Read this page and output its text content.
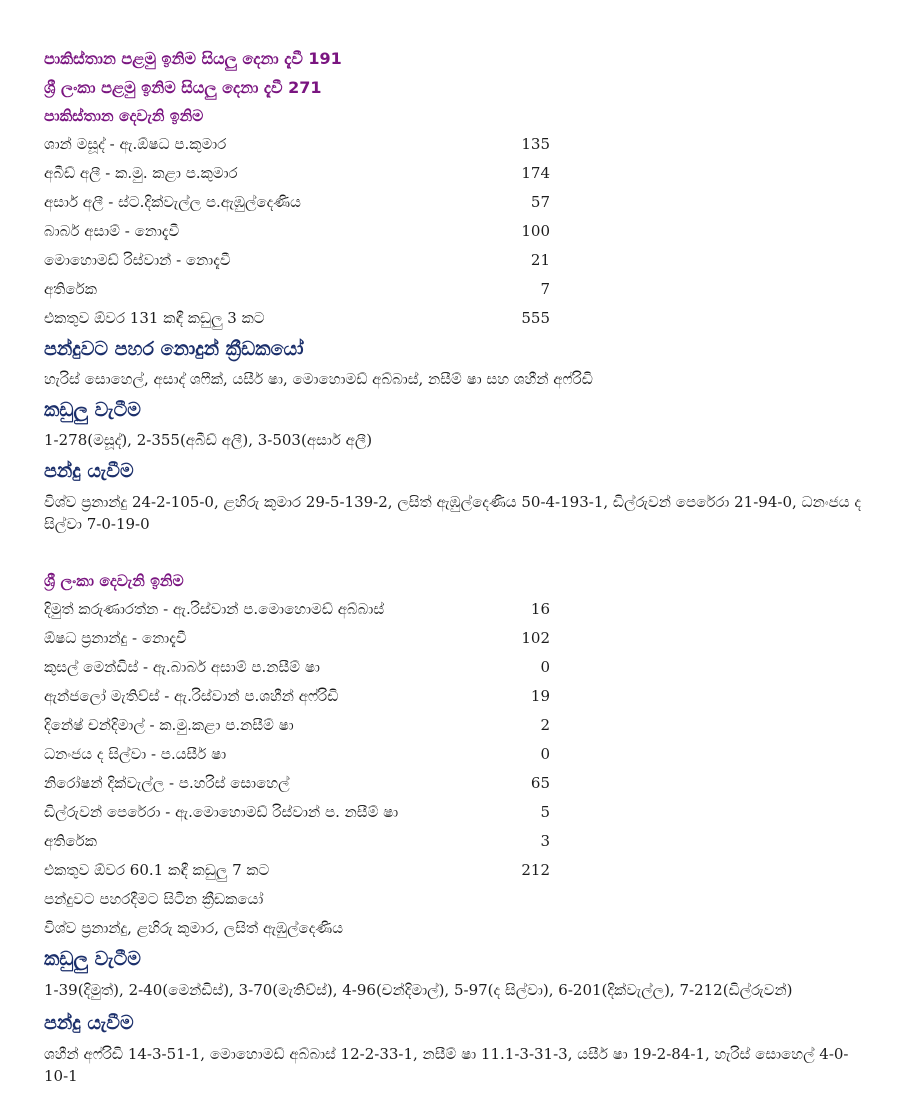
පාකිස්තාන පළමු ඉනිම සියලු දෙනා දැවී 191
ශ්‍රී ලංකා පළමු ඉනිම සියලු දෙනා දැවී 271
පාකිස්තාන දෙවැනි ඉනිම
ශාන් මසූද් - ඇ.ඕෂධ ප.කුමාර	135
අබීඩ් අලී - ක.මු. කළා ප.කුමාර	174
අසාර් අලී - ස්ට.දික්වැල්ල ප.ඇඹුල්දෙණිය	57
බාබර් අසාම් - නොදැවී	100
මොහොමඩ් රිස්වාන් - නොදැවී	21
අතිරේක	7
එකතුව ඕවර 131 කඳී කඩුලු 3 කට	555
පන්දුවට පහර නොදුන් ක්‍රීඩකයෝ
හැරිස් සොහෙල්, අසාද් ශෆීක්, යසීර් ෂා, මොහොමඩ් අබ්බාස්, නසීම් ෂා සහ ශහීන් අෆ්රිඩි
කඩුලු වැටීම
1-278(මසූද්), 2-355(අබීඩ් අලී), 3-503(අසාර් අලී)
පන්දු යැවීම
විශ්ව ප්‍රනාන්දු 24-2-105-0, ළහිරු කුමාර 29-5-139-2, ලසිත් ඇඹුල්දෙණිය 50-4-193-1, ඩිල්රුවන් පෙරේරා 21-94-0, ධනංජය ද සිල්වා 7-0-19-0
ශ්‍රී ලංකා දෙවැනි ඉනිම
දිමුත් කරුණාරත්න - ඇ.රිස්වාන් ප.මොහොමඩ් අබ්බාස්	16
ඕෂධ ප්‍රනාන්දු - නොදැවී	102
කුසල් මෙන්ඩිස් - ඇ.බාබර් අසාම් ප.නසීම් ෂා	0
ඇන්ජලෝ මැතිව්ස් - ඇ.රිස්වාන් ප.ශහීන් අෆ්රිඩි	19
දිනේෂ් චන්දිමාල් - ක.මු.කළා ප.නසීම් ෂා	2
ධනංජය ද සිල්වා - ප.යසීර් ෂා	0
නිරෝෂන් දික්වැල්ල - ප.හරිස් සොහෙල්	65
ඩිල්රුවන් පෙරේරා - ඇ.මොහොමඩ් රිස්වාන් ප. නසීම් ෂා	5
අතිරේක	3
එකතුව ඕවර 60.1 කඳී කඩුලු 7 කට	212
පන්දුවට පහරදීමට සිටින ක්‍රීඩකයෝ
විශ්ව ප්‍රනාන්දු, ළහිරු කුමාර, ලසිත් ඇඹුල්දෙණිය
කඩුලු වැටීම
1-39(දිමුත්), 2-40(මෙන්ඩිස්), 3-70(මැතිව්ස්), 4-96(චන්දිමාල්), 5-97(ද සිල්වා), 6-201(දික්වැල්ල), 7-212(ඩිල්රුවන්)
පන්දු යැවීම
ශහීන් අෆ්රිඩි 14-3-51-1, මොහොමඩ් අබ්බාස් 12-2-33-1, නසීම් ෂා 11.1-3-31-3, යසීර් ෂා 19-2-84-1, හැරිස් සොහෙල් 4-0-10-1
